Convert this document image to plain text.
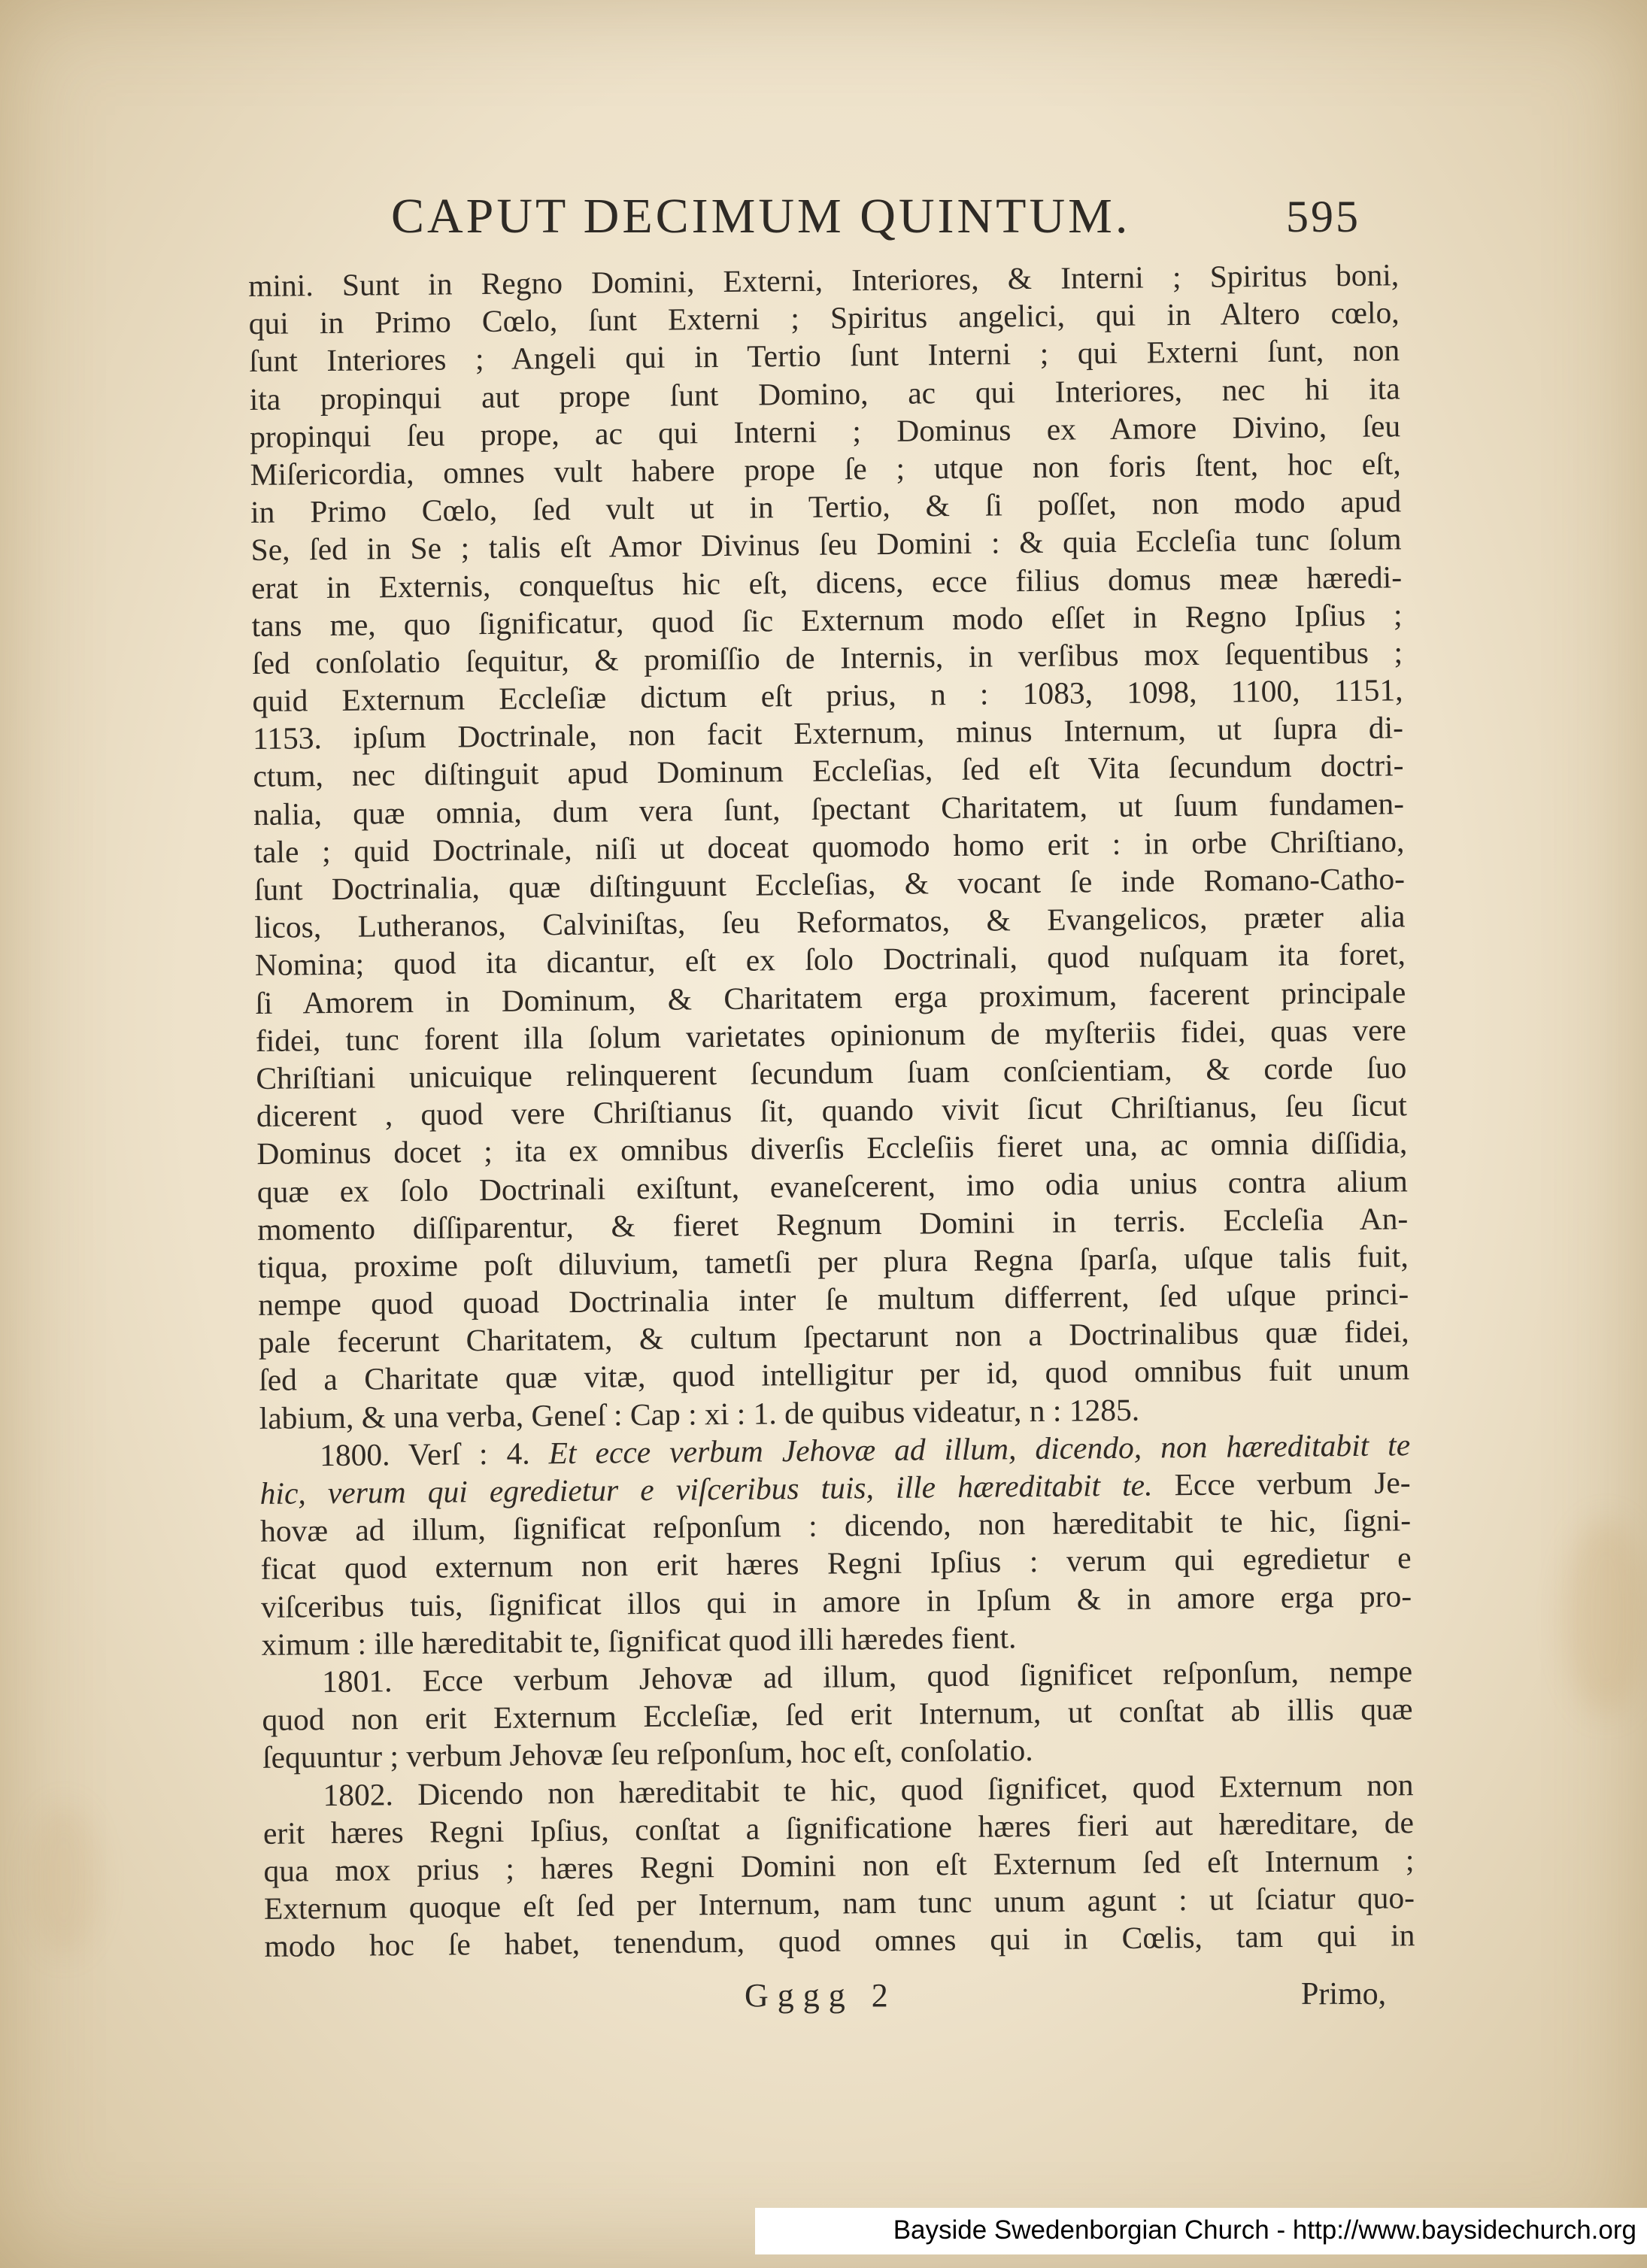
CAPUT DECIMUM QUINTUM.	595
mini. Sunt in Regno Domini, Externi, Interiores, & Interni ; Spiritus boni,
qui in Primo Cœlo, ſunt Externi ; Spiritus angelici, qui in Altero cœlo,
ſunt Interiores ; Angeli qui in Tertio ſunt Interni ; qui Externi ſunt, non
ita propinqui aut prope ſunt Domino, ac qui Interiores, nec hi ita
propinqui ſeu prope, ac qui Interni ; Dominus ex Amore Divino, ſeu
Miſericordia, omnes vult habere prope ſe ; utque non foris ſtent, hoc eſt,
in Primo Cœlo, ſed vult ut in Tertio, & ſi poſſet, non modo apud
Se, ſed in Se ; talis eſt Amor Divinus ſeu Domini : & quia Eccleſia tunc ſolum
erat in Externis, conqueſtus hic eſt, dicens, ecce filius domus meæ hæredi-
tans me, quo ſignificatur, quod ſic Externum modo eſſet in Regno Ipſius ;
ſed conſolatio ſequitur, & promiſſio de Internis, in verſibus mox ſequentibus ;
quid Externum Eccleſiæ dictum eſt prius, n : 1083, 1098, 1100, 1151,
1153. ipſum Doctrinale, non facit Externum, minus Internum, ut ſupra di-
ctum, nec diſtinguit apud Dominum Eccleſias, ſed eſt Vita ſecundum doctri-
nalia, quæ omnia, dum vera ſunt, ſpectant Charitatem, ut ſuum fundamen-
tale ; quid Doctrinale, niſi ut doceat quomodo homo erit : in orbe Chriſtiano,
ſunt Doctrinalia, quæ diſtinguunt Eccleſias, & vocant ſe inde Romano-Catho-
licos, Lutheranos, Calviniſtas, ſeu Reformatos, & Evangelicos, præter alia
Nomina; quod ita dicantur, eſt ex ſolo Doctrinali, quod nuſquam ita foret,
ſi Amorem in Dominum, & Charitatem erga proximum, facerent principale
fidei, tunc forent illa ſolum varietates opinionum de myſteriis fidei, quas vere
Chriſtiani unicuique relinquerent ſecundum ſuam conſcientiam, & corde ſuo
dicerent , quod vere Chriſtianus ſit, quando vivit ſicut Chriſtianus, ſeu ſicut
Dominus docet ; ita ex omnibus diverſis Eccleſiis fieret una, ac omnia diſſidia,
quæ ex ſolo Doctrinali exiſtunt, evaneſcerent, imo odia unius contra alium
momento diſſiparentur, & fieret Regnum Domini in terris. Eccleſia An-
tiqua, proxime poſt diluvium, tametſi per plura Regna ſparſa, uſque talis fuit,
nempe quod quoad Doctrinalia inter ſe multum differrent, ſed uſque princi-
pale fecerunt Charitatem, & cultum ſpectarunt non a Doctrinalibus quæ fidei,
ſed a Charitate quæ vitæ, quod intelligitur per id, quod omnibus fuit unum
labium, & una verba, Geneſ : Cap : xi : 1. de quibus videatur, n : 1285.
1800. Verſ : 4. Et ecce verbum Jehovæ ad illum, dicendo, non hæreditabit te
hic, verum qui egredietur e viſceribus tuis, ille hæreditabit te. Ecce verbum Je-
hovæ ad illum, ſignificat reſponſum : dicendo, non hæreditabit te hic, ſigni-
ficat quod externum non erit hæres Regni Ipſius : verum qui egredietur e
viſceribus tuis, ſignificat illos qui in amore in Ipſum & in amore erga pro-
ximum : ille hæreditabit te, ſignificat quod illi hæredes fient.
1801. Ecce verbum Jehovæ ad illum, quod ſignificet reſponſum, nempe
quod non erit Externum Eccleſiæ, ſed erit Internum, ut conſtat ab illis quæ
ſequuntur ; verbum Jehovæ ſeu reſponſum, hoc eſt, conſolatio.
1802. Dicendo non hæreditabit te hic, quod ſignificet, quod Externum non
erit hæres Regni Ipſius, conſtat a ſignificatione hæres fieri aut hæreditare, de
qua mox prius ; hæres Regni Domini non eſt Externum ſed eſt Internum ;
Externum quoque eſt ſed per Internum, nam tunc unum agunt : ut ſciatur quo-
modo hoc ſe habet, tenendum, quod omnes qui in Cœlis, tam qui in
Gggg 2	Primo,
Bayside Swedenborgian Church - http://www.baysidechurch.org
